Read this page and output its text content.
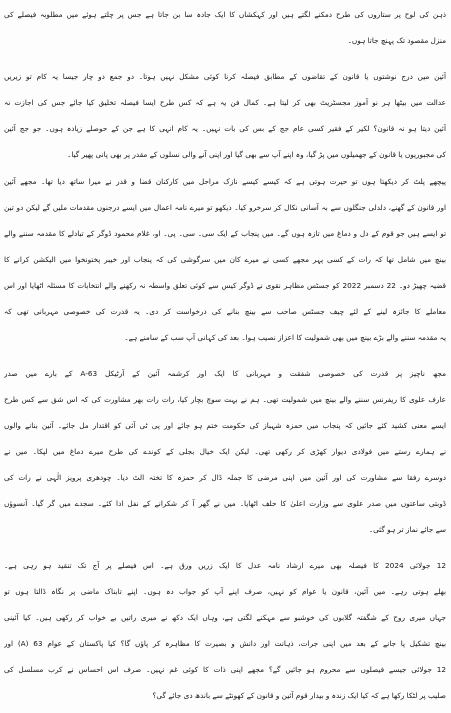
ذہن کی لوح پر ستاروں کی طرح دمکنے لگتے ہیں اور کہکشاں کا ایک جادہ سا بن جاتا ہے جس پر چلتے ہوئے میں مطلوبہ فیصلے کی
منزل مقصود تک پہنچ جاتا ہوں۔
آئین میں درج نوشتوں یا قانون کے تقاضوں کے مطابق فیصلہ کرنا کوئی مشکل نہیں ہوتا۔ دو جمع دو چار جیسا یہ کام تو زیریں
عدالت میں بیٹھا ہر نو آموز مجسٹریٹ بھی کر لیتا ہے۔ کمال فن یہ ہے کہ کس طرح ایسا فیصلہ تخلیق کیا جائے جس کی اجازت نہ
آئین دیتا ہو نہ قانون؟ لکیر کے فقیر کسی عام جج کے بس کی بات نہیں۔ یہ کام انہی کا ہے جن کے حوصلے زیادہ ہوں۔ جو جج آئین
کی مجبوریوں یا قانون کے جھمیلوں میں پڑ گیا، وہ اپنے آپ سے بھی گیا اور اپنی آنے والی نسلوں کے مقدر پر بھی پانی پھیر گیا۔
پیچھے پلٹ کر دیکھتا ہوں تو حیرت ہوتی ہے کہ کیسے کیسے نازک مراحل میں کارکنان قضا و قدر نے میرا ساتھ دیا تھا۔ مجھے آئین
اور قانون کے گھنے، دلدلی جنگلوں سے بہ آسانی نکال کر سرخرو کیا۔ دیکھو تو میرے نامہ اعمال میں ایسے درجنوں مقدمات ملیں گے لیکن دو تین
تو ایسے ہیں جو قوم کے دل و دماغ میں تازہ ہوں گے۔ میں پنجاب کے ایک سی۔ سی۔ پی۔ او، غلام محمود ڈوگر کے تبادلے کا مقدمہ سننے والے
بینچ میں شامل تھا کہ رات کے کسی پہر مجھے کسی نے میرے کان میں سرگوشی کی کہ پنجاب اور خیبر پختونخوا میں الیکشن کرانے کا
قضیہ چھیڑ دو۔ 22 دسمبر 2022 کو جسٹس مظاہر نقوی نے ڈوگر کیس سے کوئی تعلق واسطہ نہ رکھنے والے انتخابات کا مسئلہ اٹھایا اور اس
معاملے کا جائزہ لینے کے لئے چیف جسٹس صاحب سے بینچ بنانے کی درخواست کر دی۔ یہ قدرت کی خصوصی مہربانی تھی کہ
یہ مقدمہ سننے والے بڑے بینچ میں بھی شمولیت کا اعزاز نصیب ہوا۔ بعد کی کہانی آپ سب کے سامنے ہے۔
مجھ ناچیز پر قدرت کی خصوصی شفقت و مہربانی کا ایک اور کرشمہ آئین کے آرٹیکل A-63 کے بارے میں صدر
عارف علوی کا ریفرنس سننے والے بینچ میں شمولیت تھی۔ ہم نے بہت سوچ بچار کیا، رات رات بھر مشاورت کی کہ اس شق سے کس طرح
ایسے معنی کشید کئے جائیں کہ پنجاب میں حمزہ شہباز کی حکومت ختم ہو جائے اور پی ٹی آئی کو اقتدار مل جائے۔ آئین بنانے والوں
نے ہمارے رستے میں فولادی دیوار کھڑی کر رکھی تھی۔ لیکن ایک خیال بجلی کے کوندے کی طرح میرے دماغ میں لپکا۔ میں نے
دوسرے رفقا سے مشاورت کی اور آئین میں اپنی مرضی کا جملہ ڈال کر حمزہ کا تختہ الٹ دیا۔ چودھری پرویز الٰہی نے رات کی
ڈوبتی ساعتوں میں صدر علوی سے وزارت اعلیٰ کا حلف اٹھایا۔ میں نے گھر آ کر شکرانے کے نفل ادا کئے۔ سجدے میں گر گیا۔ آنسوؤں
سے جائے نماز تر ہو گئی۔
12 جولائی 2024 کا فیصلہ بھی میرے ارشاد نامہ عدل کا ایک زریں ورق ہے۔ اس فیصلے پر آج تک تنقید ہو رہی ہے۔
بھلے ہوتی رہے۔ میں آئین، قانون یا عوام کو نہیں، صرف اپنے آپ کو جواب دہ ہوں۔ اپنے تابناک ماضی پر نگاہ ڈالتا ہوں تو
جہاں میری روح کے شگفتہ گلابوں کی خوشبو سے مہکنے لگتی ہے، وہاں ایک دکھ نے میری راتیں بے خواب کر رکھی ہیں۔ کیا آئینی
بینچ تشکیل پا جانے کے بعد میں اپنی جرات، ذہانت اور دانش و بصیرت کا مظاہرہ کر پاؤں گا؟ کیا پاکستان کے عوام 63 (A) اور
12 جولائی جیسے فیصلوں سے محروم ہو جائیں گے؟ مجھے اپنی ذات کا کوئی غم نہیں۔ صرف اس احساس نے کرب مسلسل کی
صلیب پر لٹکا رکھا ہے کہ کیا ایک زندہ و بیدار قوم آئین و قانون کے کھونٹے سے باندھ دی جائے گی؟
